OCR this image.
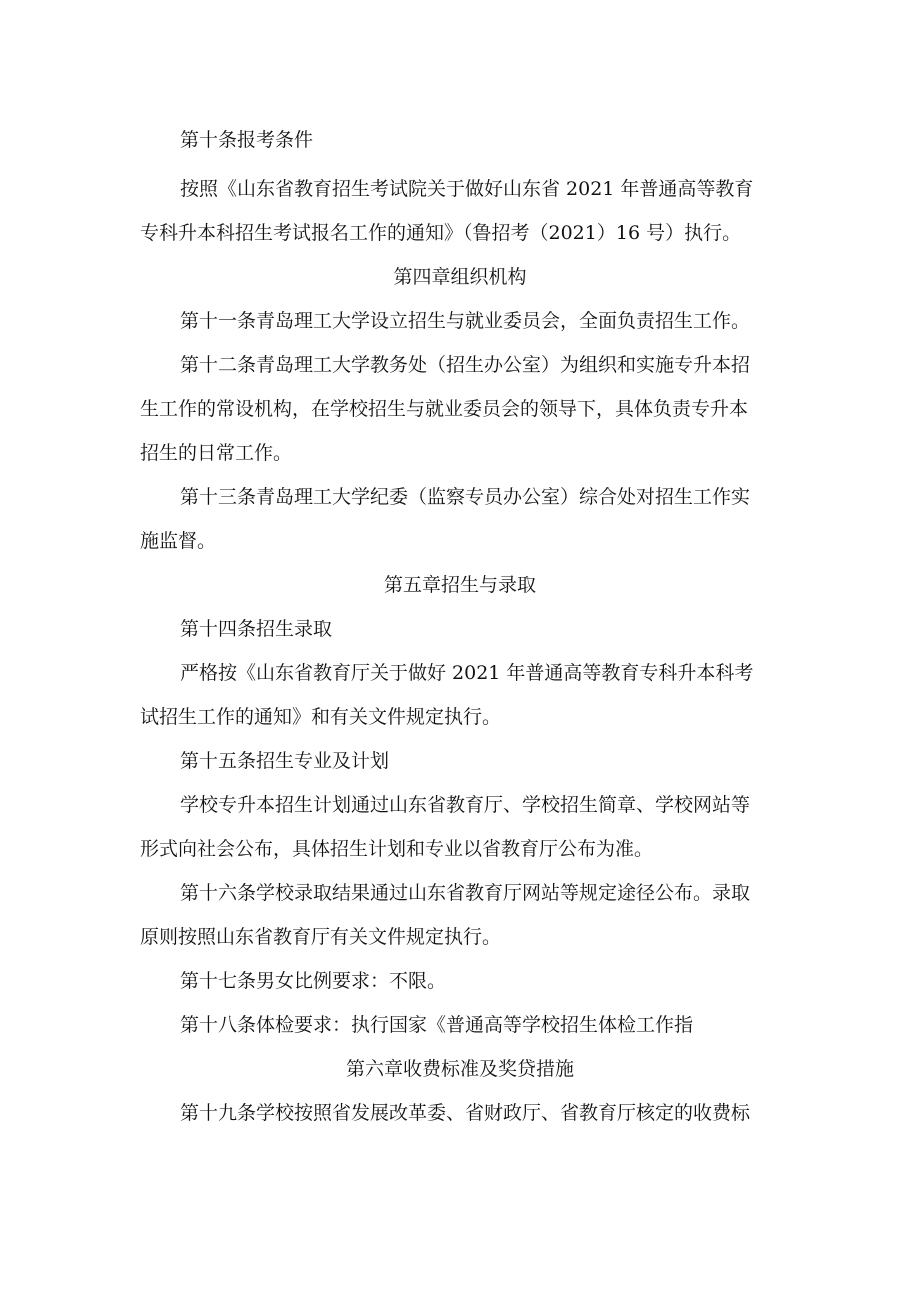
第十条报考条件
按照《山东省教育招生考试院关于做好山东省 2021 年普通高等教育
专科升本科招生考试报名工作的通知》（鲁招考（2021）16 号）执行。
第四章组织机构
第十一条青岛理工大学设立招生与就业委员会，全面负责招生工作。
第十二条青岛理工大学教务处（招生办公室）为组织和实施专升本招
生工作的常设机构，在学校招生与就业委员会的领导下，具体负责专升本
招生的日常工作。
第十三条青岛理工大学纪委（监察专员办公室）综合处对招生工作实
施监督。
第五章招生与录取
第十四条招生录取
严格按《山东省教育厅关于做好 2021 年普通高等教育专科升本科考
试招生工作的通知》和有关文件规定执行。
第十五条招生专业及计划
学校专升本招生计划通过山东省教育厅、学校招生简章、学校网站等
形式向社会公布，具体招生计划和专业以省教育厅公布为准。
第十六条学校录取结果通过山东省教育厅网站等规定途径公布。录取
原则按照山东省教育厅有关文件规定执行。
第十七条男女比例要求：不限。
第十八条体检要求：执行国家《普通高等学校招生体检工作指
第六章收费标准及奖贷措施
第十九条学校按照省发展改革委、省财政厅、省教育厅核定的收费标
